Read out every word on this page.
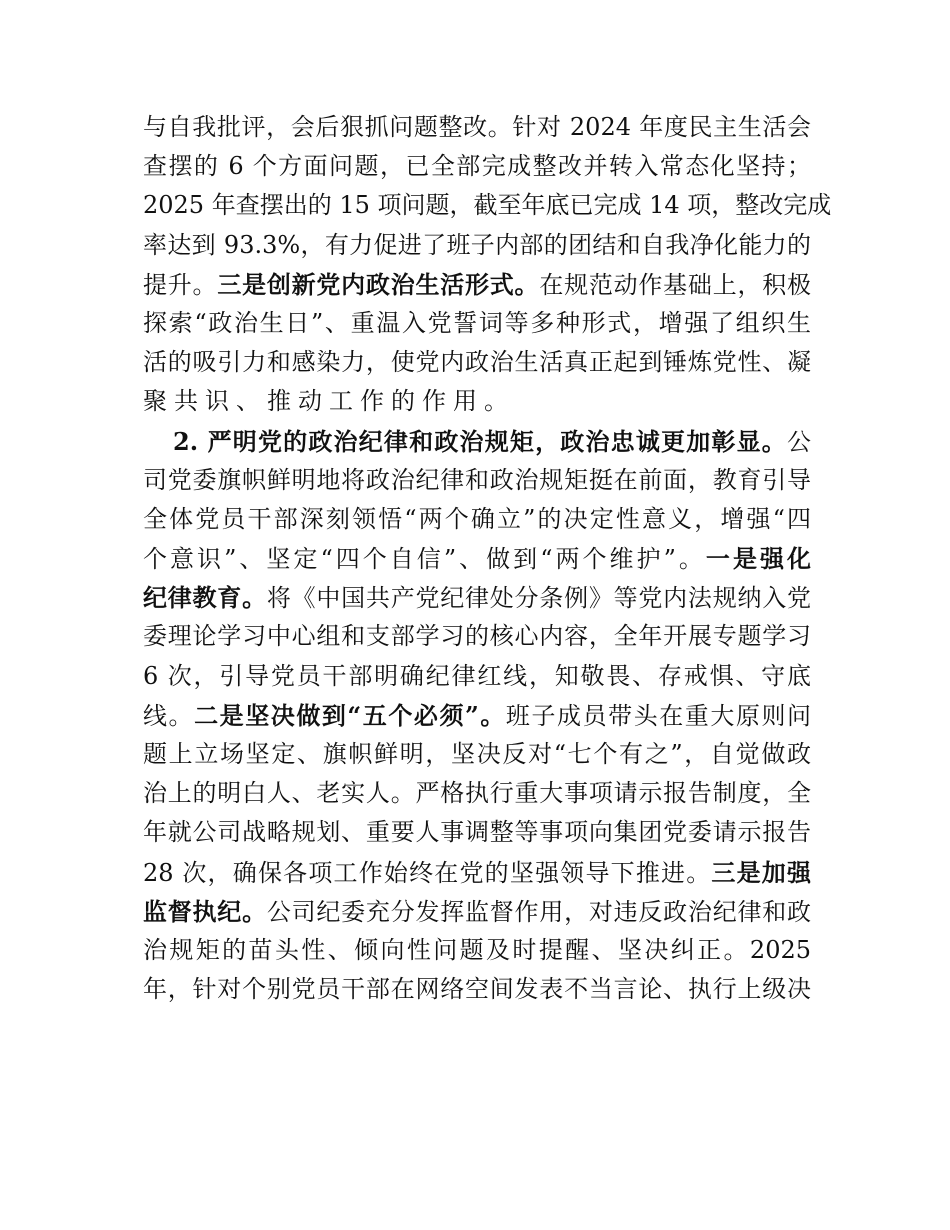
与自我批评，会后狠抓问题整改。针对 2024 年度民主生活会
查摆的 6 个方面问题，已全部完成整改并转入常态化坚持；
2025 年查摆出的 15 项问题，截至年底已完成 14 项，整改完成
率达到 93.3%，有力促进了班子内部的团结和自我净化能力的
提升。三是创新党内政治生活形式。在规范动作基础上，积极
探索“政治生日”、重温入党誓词等多种形式，增强了组织生
活的吸引力和感染力，使党内政治生活真正起到锤炼党性、凝
聚共识、推动工作的作用。
2. 严明党的政治纪律和政治规矩，政治忠诚更加彰显。公
司党委旗帜鲜明地将政治纪律和政治规矩挺在前面，教育引导
全体党员干部深刻领悟“两个确立”的决定性意义，增强“四
个意识”、坚定“四个自信”、做到“两个维护”。一是强化
纪律教育。将《中国共产党纪律处分条例》等党内法规纳入党
委理论学习中心组和支部学习的核心内容，全年开展专题学习
6 次，引导党员干部明确纪律红线，知敬畏、存戒惧、守底
线。二是坚决做到“五个必须”。班子成员带头在重大原则问
题上立场坚定、旗帜鲜明，坚决反对“七个有之”，自觉做政
治上的明白人、老实人。严格执行重大事项请示报告制度，全
年就公司战略规划、重要人事调整等事项向集团党委请示报告
28 次，确保各项工作始终在党的坚强领导下推进。三是加强
监督执纪。公司纪委充分发挥监督作用，对违反政治纪律和政
治规矩的苗头性、倾向性问题及时提醒、坚决纠正。2025
年，针对个别党员干部在网络空间发表不当言论、执行上级决
